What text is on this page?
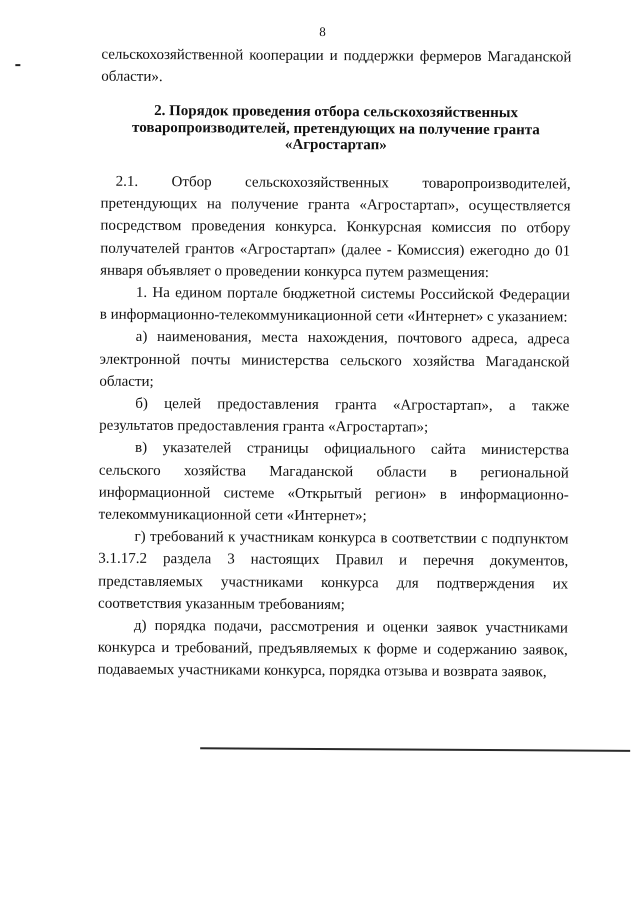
8

сельскохозяйственной кооперации и поддержки фермеров Магаданской области».

2. Порядок проведения отбора сельскохозяйственных товаропроизводителей, претендующих на получение гранта «Агростартап»

2.1. Отбор сельскохозяйственных товаропроизводителей, претендующих на получение гранта «Агростартап», осуществляется посредством проведения конкурса. Конкурсная комиссия по отбору получателей грантов «Агростартап» (далее - Комиссия) ежегодно до 01 января объявляет о проведении конкурса путем размещения:

1. На едином портале бюджетной системы Российской Федерации в информационно-телекоммуникационной сети «Интернет» с указанием:

а) наименования, места нахождения, почтового адреса, адреса электронной почты министерства сельского хозяйства Магаданской области;

б) целей предоставления гранта «Агростартап», а также результатов предоставления гранта «Агростартап»;

в) указателей страницы официального сайта министерства сельского хозяйства Магаданской области в региональной информационной системе «Открытый регион» в информационно-телекоммуникационной сети «Интернет»;

г) требований к участникам конкурса в соответствии с подпунктом 3.1.17.2 раздела 3 настоящих Правил и перечня документов, представляемых участниками конкурса для подтверждения их соответствия указанным требованиям;

д) порядка подачи, рассмотрения и оценки заявок участниками конкурса и требований, предъявляемых к форме и содержанию заявок, подаваемых участниками конкурса, порядка отзыва и возврата заявок,
